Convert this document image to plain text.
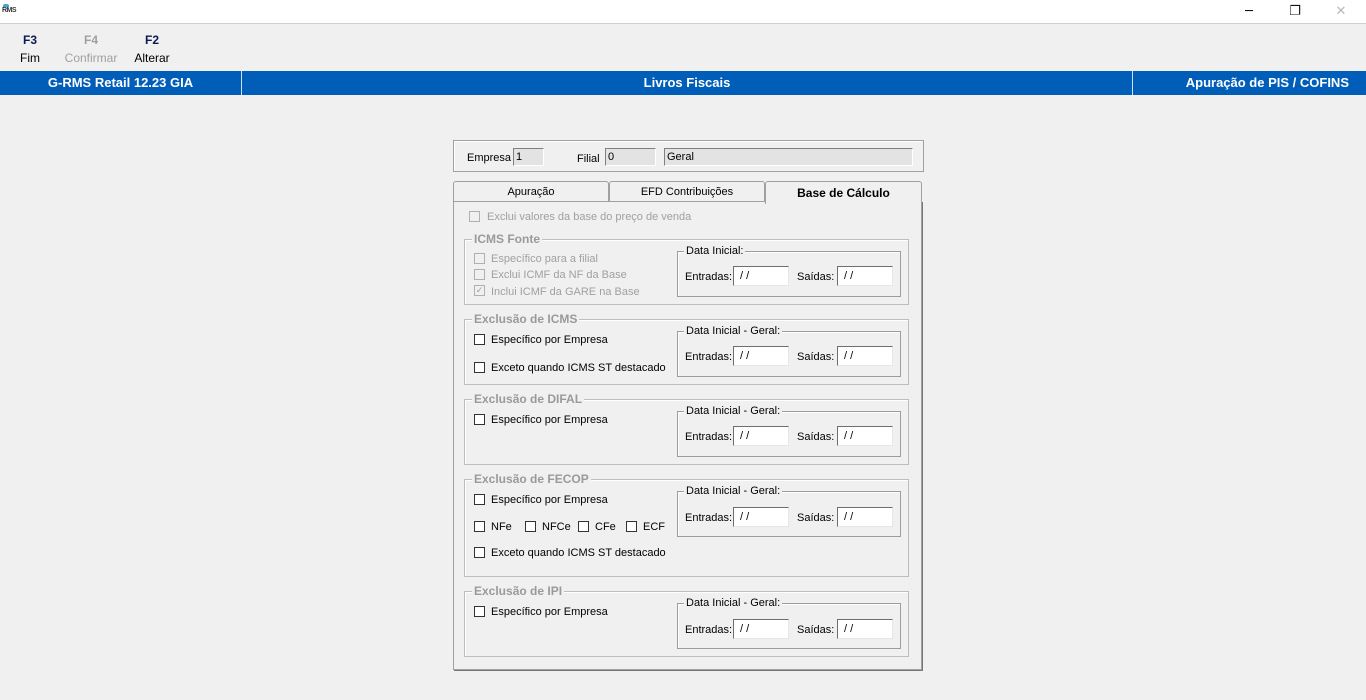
RMS	─	❐	✕
F3
Fim
F4
Confirmar
F2
Alterar
G-RMS Retail 12.23 GIA	Livros Fiscais	Apuração de PIS / COFINS
Empresa 1	Filial 0	Geral
Apuração	EFD Contribuições	Base de Cálculo
Exclui valores da base do preço de venda
ICMS Fonte
Específico para a filial
Exclui ICMF da NF da Base
✓ Inclui ICMF da GARE na Base
Data Inicial:
Entradas: / /	Saídas: / /
Exclusão de ICMS
Específico por Empresa
Exceto quando ICMS ST destacado
Data Inicial - Geral:
Entradas: / /	Saídas: / /
Exclusão de DIFAL
Específico por Empresa
Data Inicial - Geral:
Entradas: / /	Saídas: / /
Exclusão de FECOP
Específico por Empresa
NFe	NFCe CFe ECF
Exceto quando ICMS ST destacado
Data Inicial - Geral:
Entradas: / /	Saídas: / /
Exclusão de IPI
Específico por Empresa
Data Inicial - Geral:
Entradas: / /	Saídas: / /
